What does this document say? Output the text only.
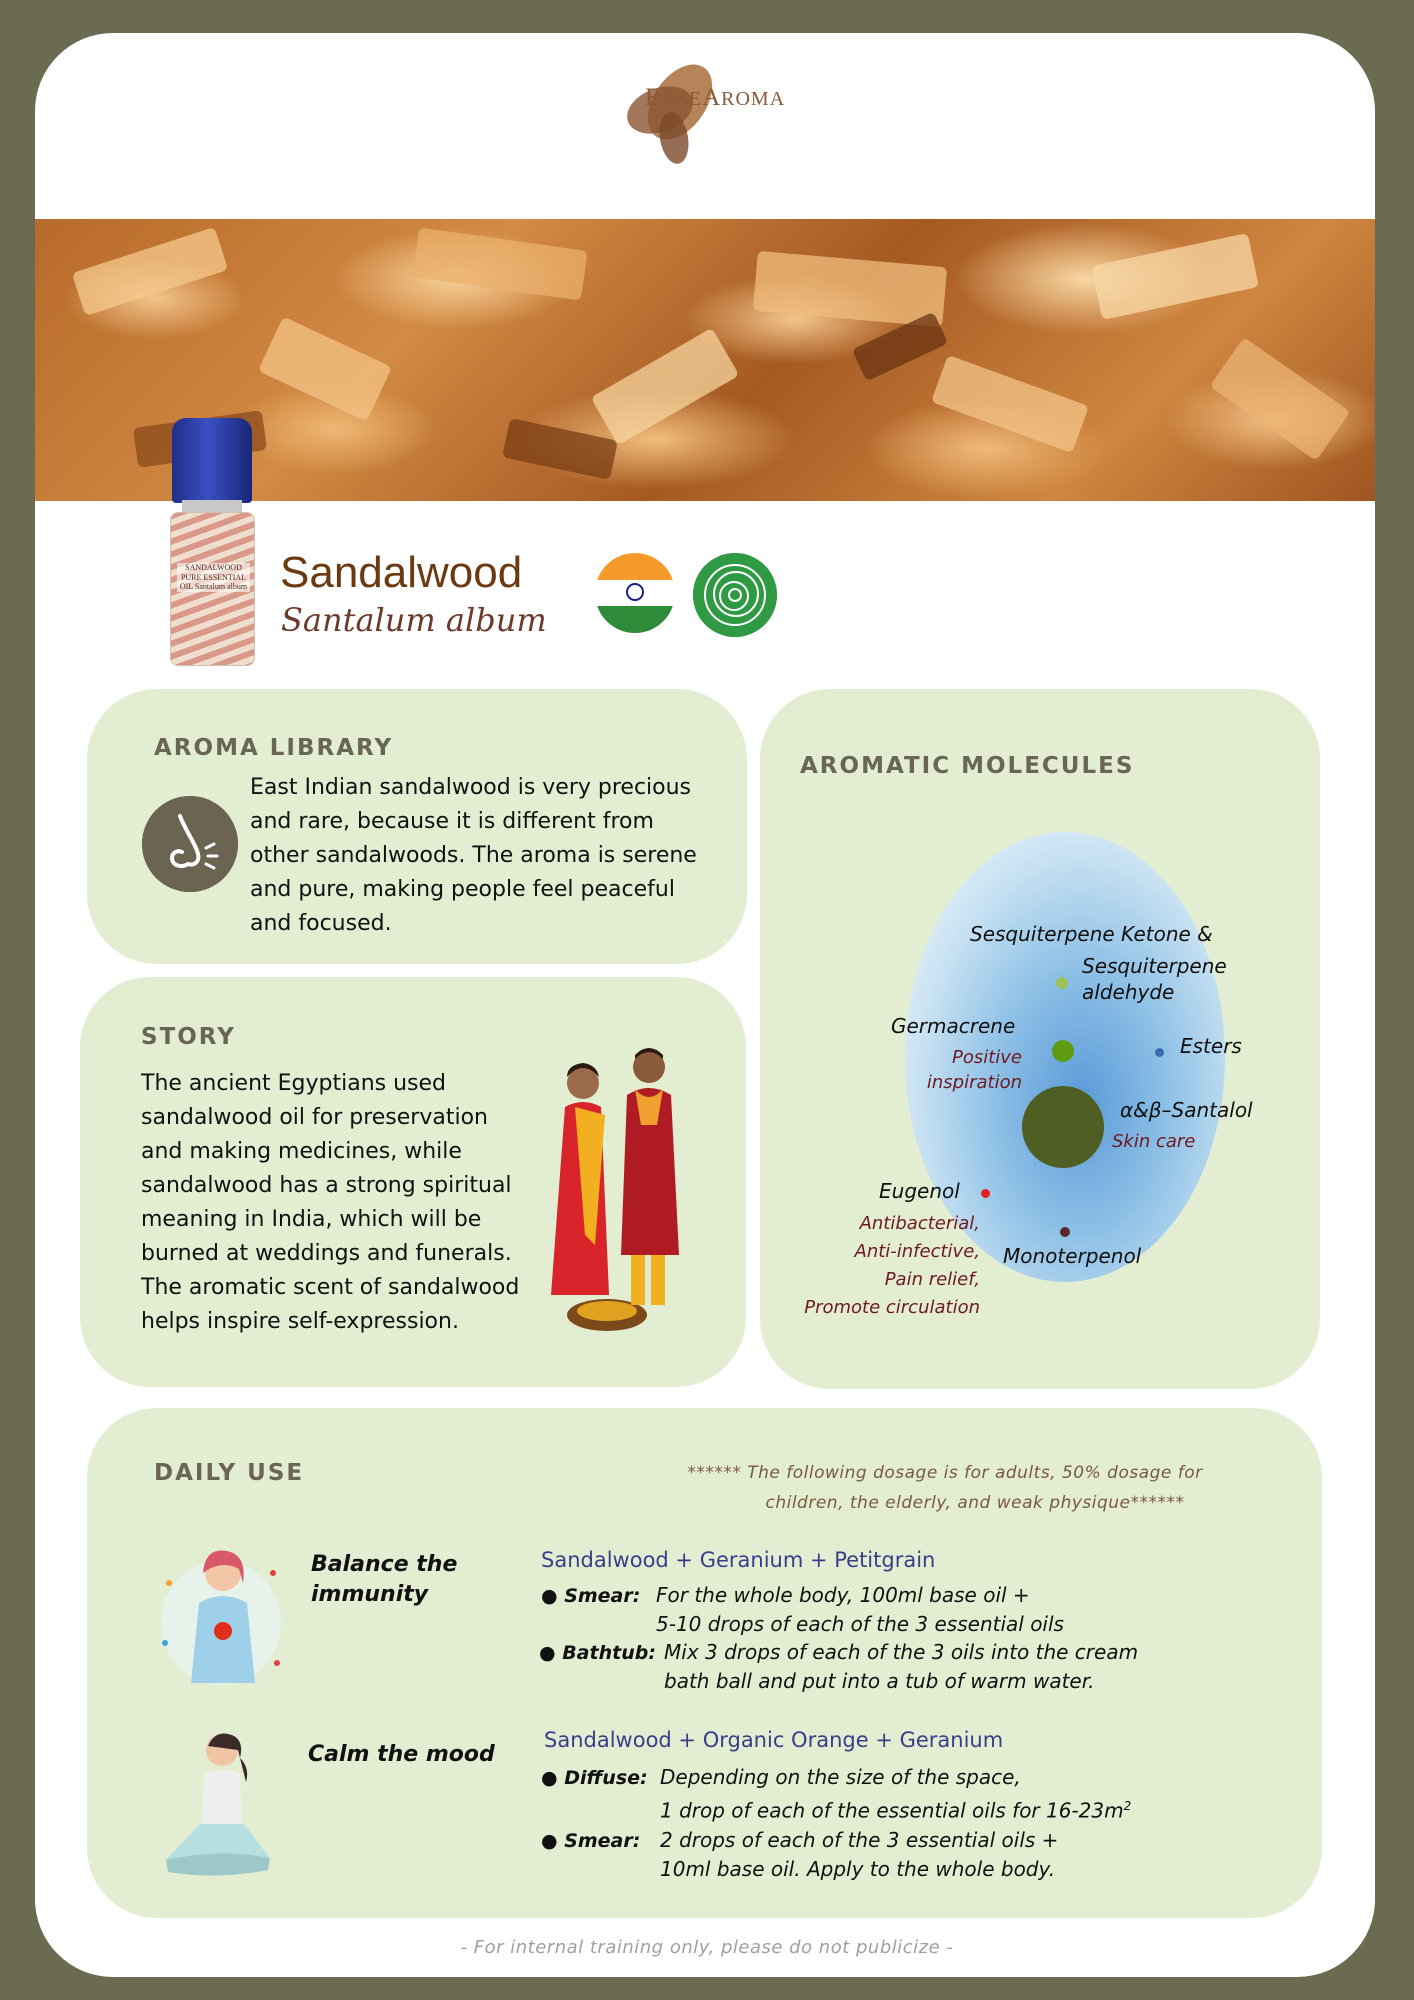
EASEAROMA
SANDALWOOD PURE ESSENTIAL OIL Santalum album Sandalwood
Santalum album
AROMA LIBRARY
East Indian sandalwood is very precious
and rare, because it is different from
other sandalwoods. The aroma is serene
and pure, making people feel peaceful
and focused.
STORY
The ancient Egyptians used
sandalwood oil for preservation
and making medicines, while
sandalwood has a strong spiritual
meaning in India, which will be
burned at weddings and funerals.
The aromatic scent of sandalwood
helps inspire self-expression.
AROMATIC MOLECULES
Sesquiterpene Ketone &
Sesquiterpene
aldehyde
Germacrene
Positive
inspiration
Esters
α&β–Santalol
Skin care
Eugenol
Antibacterial,
Anti-infective,
Pain relief,
Promote circulation
Monoterpenol
DAILY USE	****** The following dosage is for adults, 50% dosage for
children, the elderly, and weak physique******
Balance the
immunity
Sandalwood + Geranium + Petitgrain
● Smear: For the whole body, 100ml base oil +
5-10 drops of each of the 3 essential oils
● Bathtub: Mix 3 drops of each of the 3 oils into the cream
bath ball and put into a tub of warm water.
Calm the mood
Sandalwood + Organic Orange + Geranium
● Diffuse: Depending on the size of the space,
1 drop of each of the essential oils for $16-23m^2$
● Smear: 2 drops of each of the 3 essential oils +
10ml base oil. Apply to the whole body.
- For internal training only, please do not publicize -
